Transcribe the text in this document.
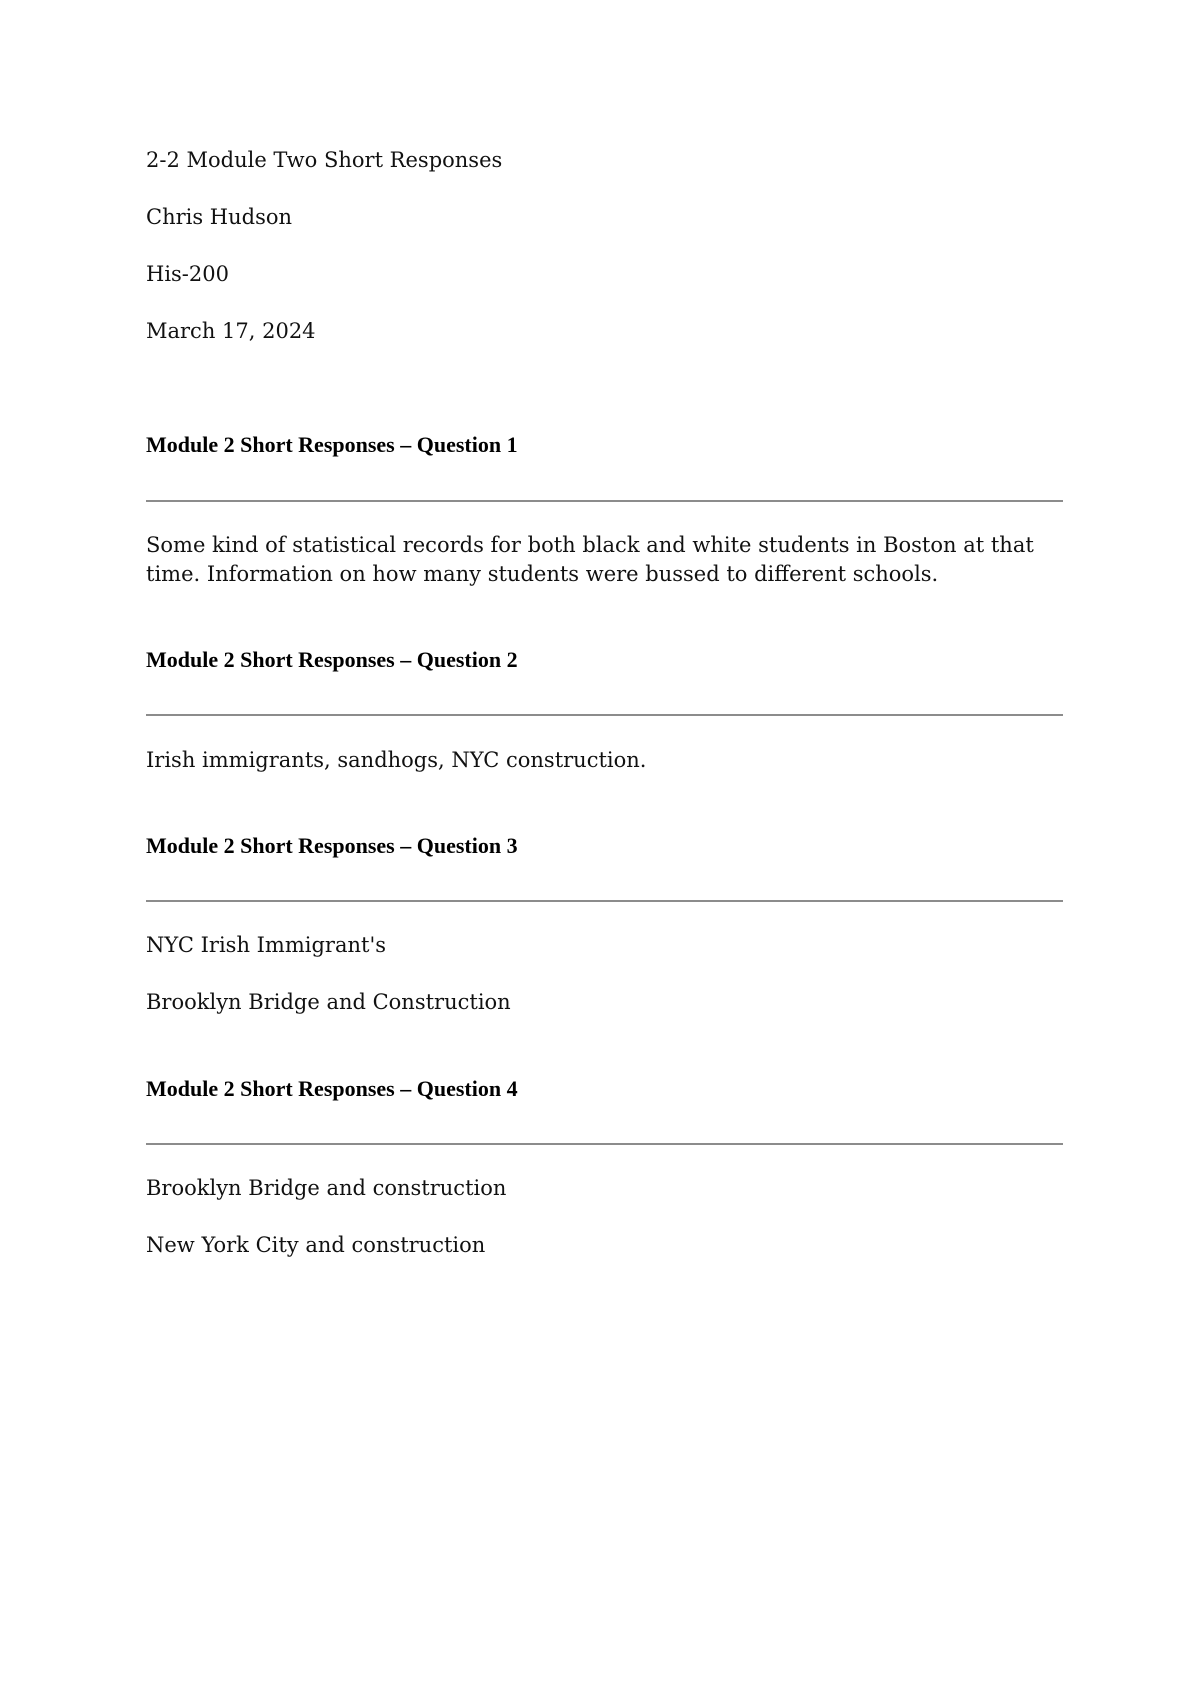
2-2 Module Two Short Responses
Chris Hudson
His-200
March 17, 2024
Module 2 Short Responses – Question 1
Some kind of statistical records for both black and white students in Boston at that time. Information on how many students were bussed to different schools.
Module 2 Short Responses – Question 2
Irish immigrants, sandhogs, NYC construction.
Module 2 Short Responses – Question 3
NYC Irish Immigrant's
Brooklyn Bridge and Construction
Module 2 Short Responses – Question 4
Brooklyn Bridge and construction
New York City and construction
